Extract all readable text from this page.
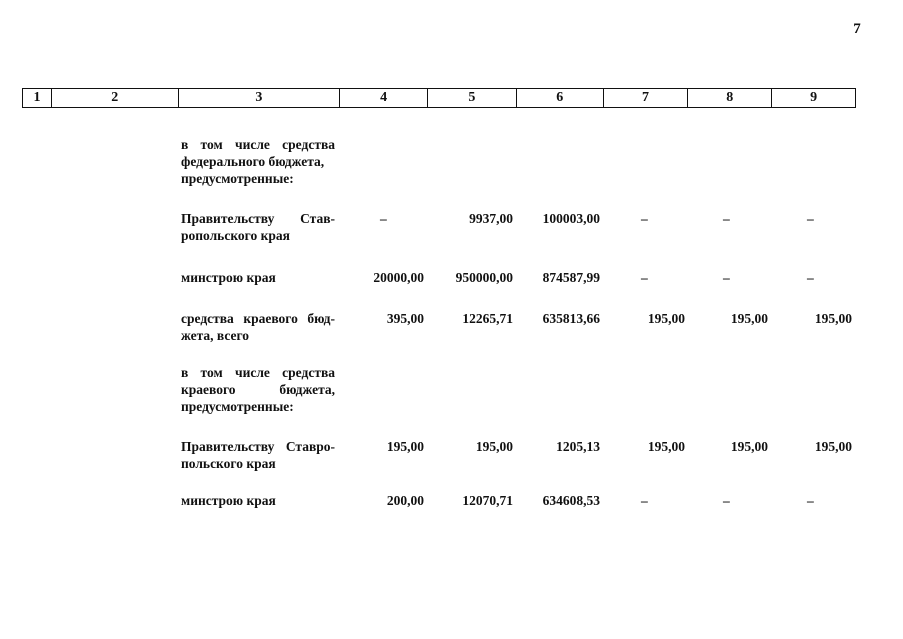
7
1	2	3	4	5	6	7	8	9
в том числе средства
федерального бюджета,
предусмотренные:
Правительству Став-
ропольского края
–	9937,00	100003,00	–	–	–
минстрою края	20000,00	950000,00	874587,99	–	–	–
средства краевого бюд-
жета, всего
395,00	12265,71	635813,66	195,00	195,00	195,00
в том числе средства
краевого бюджета,
предусмотренные:
Правительству Ставро-
польского края
195,00	195,00	1205,13	195,00	195,00	195,00
минстрою края	200,00	12070,71	634608,53	–	–	–
